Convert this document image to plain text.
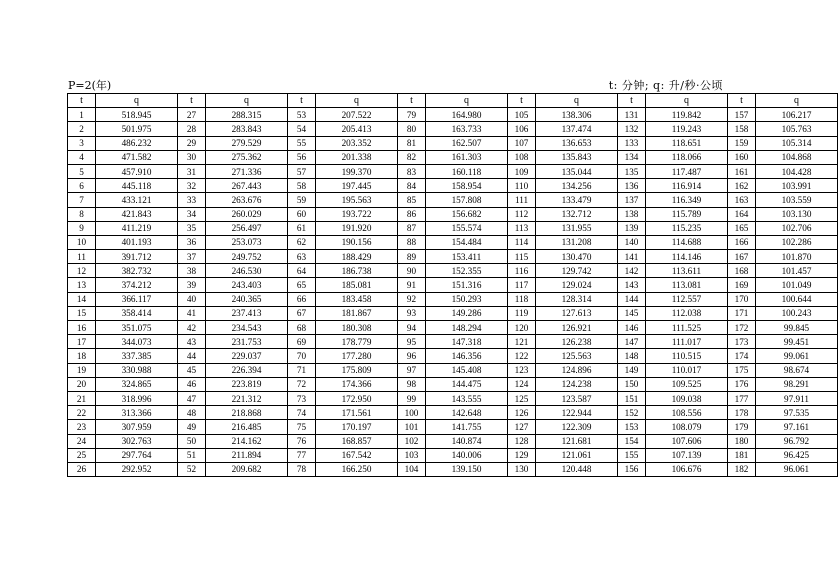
P=2(年)	t: 分钟; q: 升/秒·公顷
t	q	t	q	t	q	t	q	t	q	t	q	t	q
1	518.945	27	288.315	53	207.522	79	164.980	105	138.306	131	119.842	157	106.217
2	501.975	28	283.843	54	205.413	80	163.733	106	137.474	132	119.243	158	105.763
3	486.232	29	279.529	55	203.352	81	162.507	107	136.653	133	118.651	159	105.314
4	471.582	30	275.362	56	201.338	82	161.303	108	135.843	134	118.066	160	104.868
5	457.910	31	271.336	57	199.370	83	160.118	109	135.044	135	117.487	161	104.428
6	445.118	32	267.443	58	197.445	84	158.954	110	134.256	136	116.914	162	103.991
7	433.121	33	263.676	59	195.563	85	157.808	111	133.479	137	116.349	163	103.559
8	421.843	34	260.029	60	193.722	86	156.682	112	132.712	138	115.789	164	103.130
9	411.219	35	256.497	61	191.920	87	155.574	113	131.955	139	115.235	165	102.706
10	401.193	36	253.073	62	190.156	88	154.484	114	131.208	140	114.688	166	102.286
11	391.712	37	249.752	63	188.429	89	153.411	115	130.470	141	114.146	167	101.870
12	382.732	38	246.530	64	186.738	90	152.355	116	129.742	142	113.611	168	101.457
13	374.212	39	243.403	65	185.081	91	151.316	117	129.024	143	113.081	169	101.049
14	366.117	40	240.365	66	183.458	92	150.293	118	128.314	144	112.557	170	100.644
15	358.414	41	237.413	67	181.867	93	149.286	119	127.613	145	112.038	171	100.243
16	351.075	42	234.543	68	180.308	94	148.294	120	126.921	146	111.525	172	99.845
17	344.073	43	231.753	69	178.779	95	147.318	121	126.238	147	111.017	173	99.451
18	337.385	44	229.037	70	177.280	96	146.356	122	125.563	148	110.515	174	99.061
19	330.988	45	226.394	71	175.809	97	145.408	123	124.896	149	110.017	175	98.674
20	324.865	46	223.819	72	174.366	98	144.475	124	124.238	150	109.525	176	98.291
21	318.996	47	221.312	73	172.950	99	143.555	125	123.587	151	109.038	177	97.911
22	313.366	48	218.868	74	171.561	100	142.648	126	122.944	152	108.556	178	97.535
23	307.959	49	216.485	75	170.197	101	141.755	127	122.309	153	108.079	179	97.161
24	302.763	50	214.162	76	168.857	102	140.874	128	121.681	154	107.606	180	96.792
25	297.764	51	211.894	77	167.542	103	140.006	129	121.061	155	107.139	181	96.425
26	292.952	52	209.682	78	166.250	104	139.150	130	120.448	156	106.676	182	96.061
